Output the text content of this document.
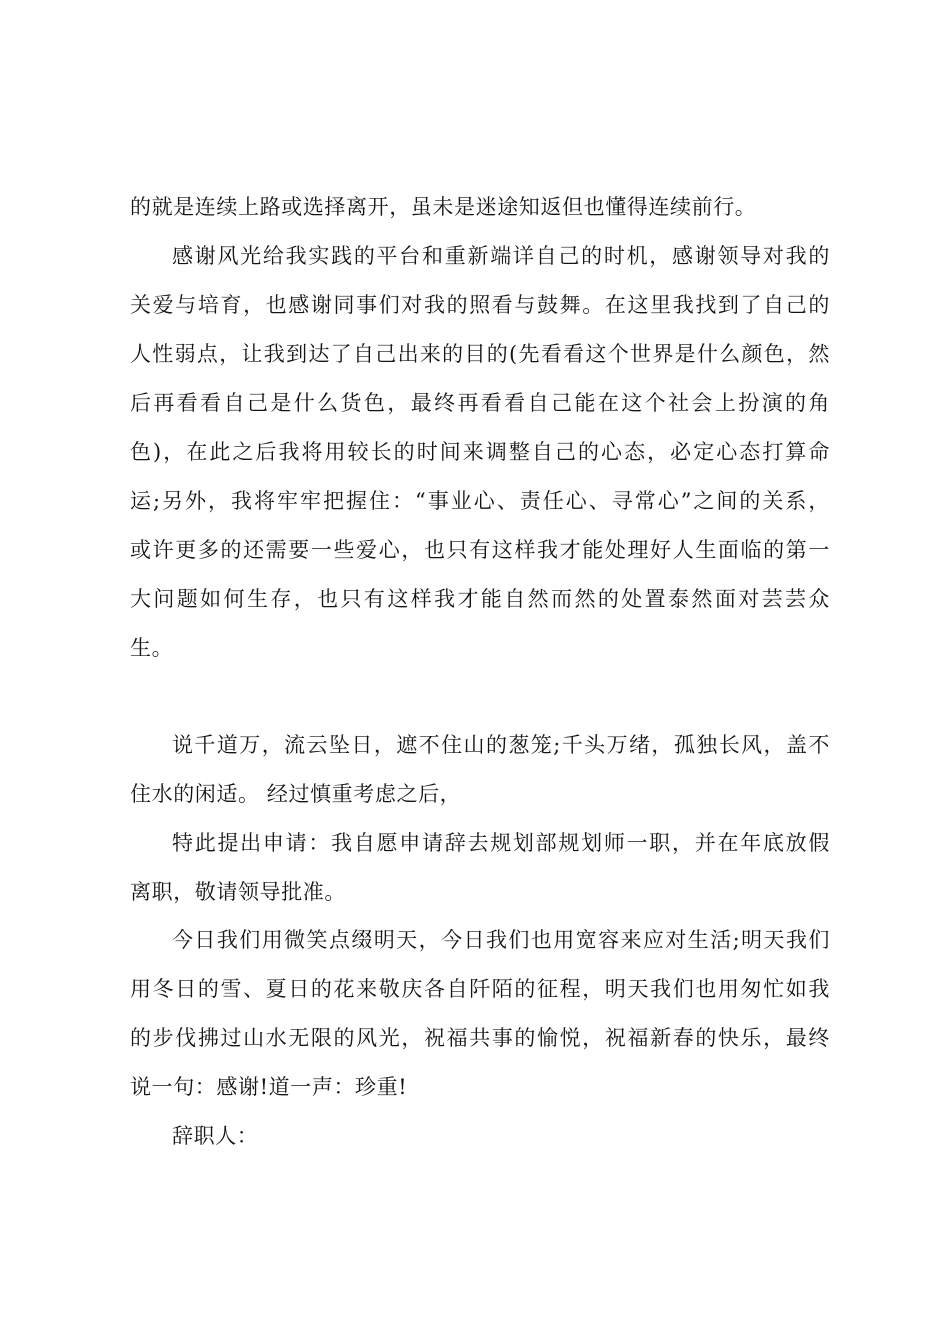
的就是连续上路或选择离开，虽未是迷途知返但也懂得连续前行。

感谢风光给我实践的平台和重新端详自己的时机，感谢领导对我的

关爱与培育，也感谢同事们对我的照看与鼓舞。在这里我找到了自己的

人性弱点，让我到达了自己出来的目的(先看看这个世界是什么颜色，然

后再看看自己是什么货色，最终再看看自己能在这个社会上扮演的角

色)，在此之后我将用较长的时间来调整自己的心态，必定心态打算命

运;另外，我将牢牢把握住：“事业心、责任心、寻常心”之间的关系，

或许更多的还需要一些爱心，也只有这样我才能处理好人生面临的第一

大问题如何生存，也只有这样我才能自然而然的处置泰然面对芸芸众

生。

说千道万，流云坠日，遮不住山的葱笼;千头万绪，孤独长风，盖不

住水的闲适。 经过慎重考虑之后，

特此提出申请：我自愿申请辞去规划部规划师一职，并在年底放假

离职，敬请领导批准。

今日我们用微笑点缀明天，今日我们也用宽容来应对生活;明天我们

用冬日的雪、夏日的花来敬庆各自阡陌的征程，明天我们也用匆忙如我

的步伐拂过山水无限的风光，祝福共事的愉悦，祝福新春的快乐，最终

说一句：感谢!道一声：珍重!

辞职人：
